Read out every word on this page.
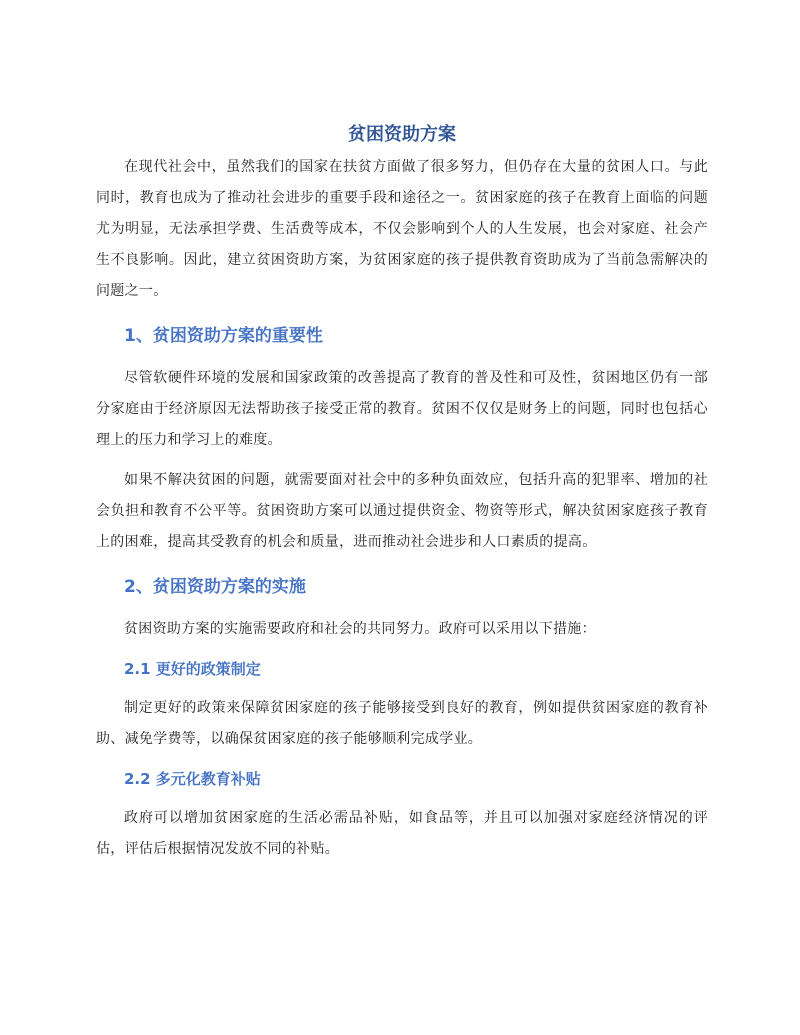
贫困资助方案

在现代社会中，虽然我们的国家在扶贫方面做了很多努力，但仍存在大量的贫困人口。与此同时，教育也成为了推动社会进步的重要手段和途径之一。贫困家庭的孩子在教育上面临的问题尤为明显，无法承担学费、生活费等成本，不仅会影响到个人的人生发展，也会对家庭、社会产生不良影响。因此，建立贫困资助方案，为贫困家庭的孩子提供教育资助成为了当前急需解决的问题之一。

1、贫困资助方案的重要性

尽管软硬件环境的发展和国家政策的改善提高了教育的普及性和可及性，贫困地区仍有一部分家庭由于经济原因无法帮助孩子接受正常的教育。贫困不仅仅是财务上的问题，同时也包括心理上的压力和学习上的难度。

如果不解决贫困的问题，就需要面对社会中的多种负面效应，包括升高的犯罪率、增加的社会负担和教育不公平等。贫困资助方案可以通过提供资金、物资等形式，解决贫困家庭孩子教育上的困难，提高其受教育的机会和质量，进而推动社会进步和人口素质的提高。

2、贫困资助方案的实施

贫困资助方案的实施需要政府和社会的共同努力。政府可以采用以下措施：

2.1 更好的政策制定

制定更好的政策来保障贫困家庭的孩子能够接受到良好的教育，例如提供贫困家庭的教育补助、减免学费等，以确保贫困家庭的孩子能够顺利完成学业。

2.2 多元化教育补贴

政府可以增加贫困家庭的生活必需品补贴，如食品等，并且可以加强对家庭经济情况的评估，评估后根据情况发放不同的补贴。
